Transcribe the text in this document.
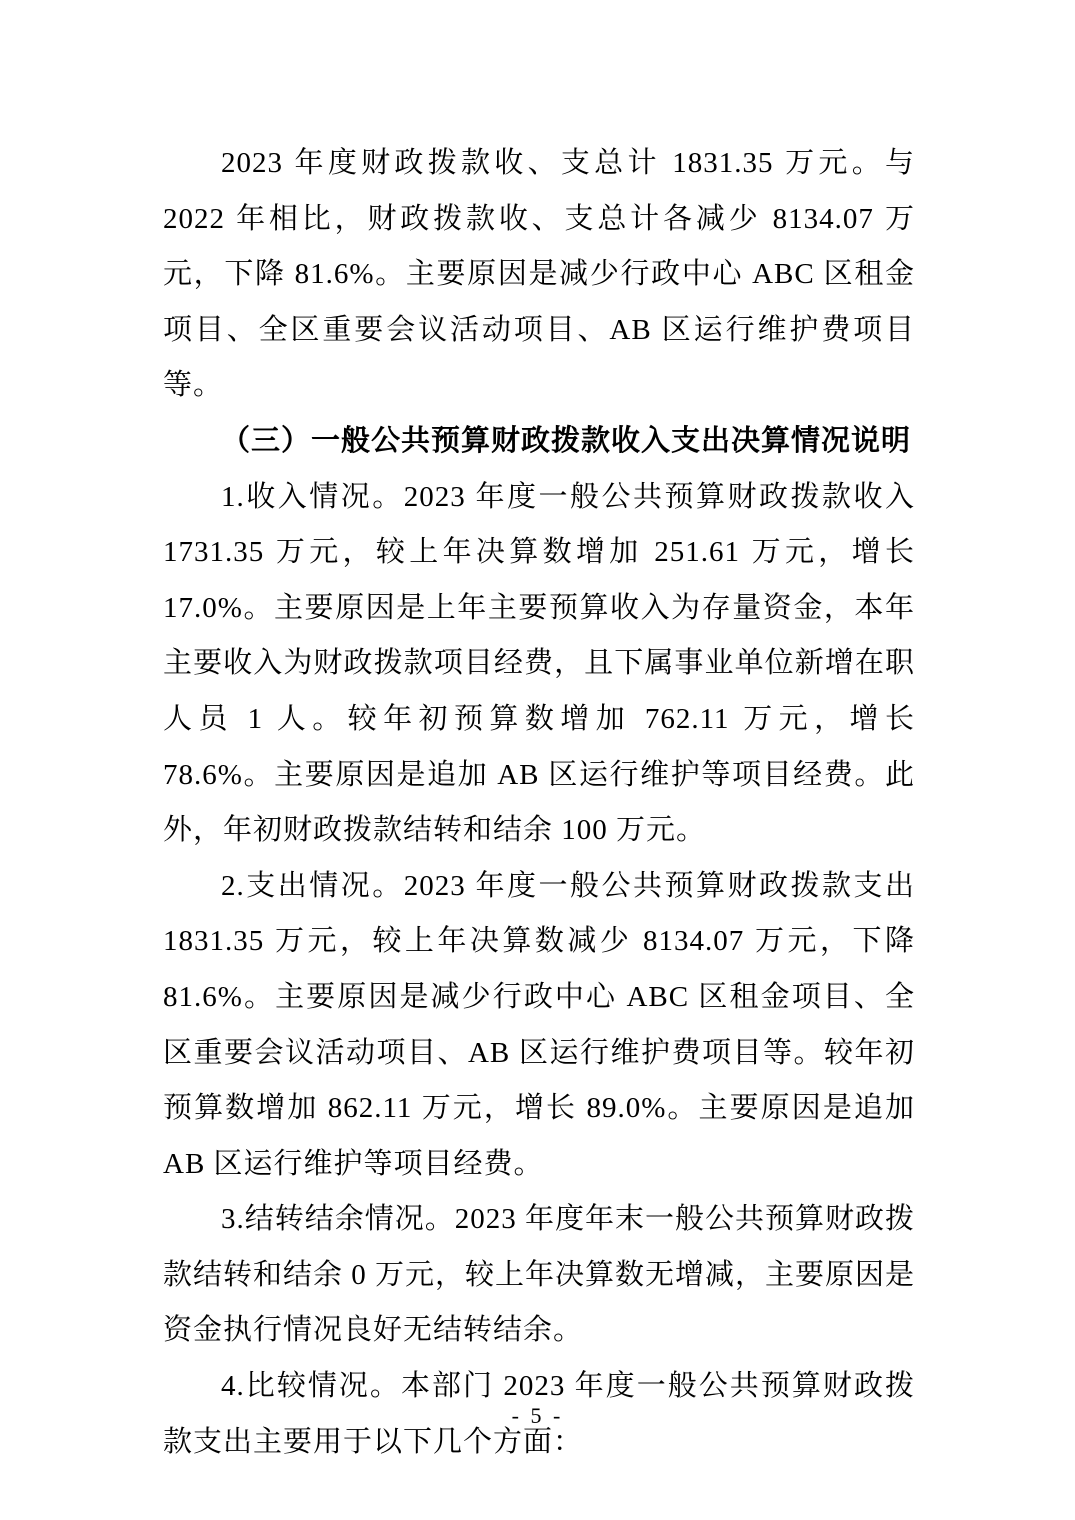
2023 年度财政拨款收、支总计 1831.35 万元。与 2022 年相比，财政拨款收、支总计各减少 8134.07 万元，下降 81.6%。主要原因是减少行政中心 ABC 区租金项目、全区重要会议活动项目、AB 区运行维护费项目等。

（三）一般公共预算财政拨款收入支出决算情况说明

1.收入情况。2023 年度一般公共预算财政拨款收入 1731.35 万元，较上年决算数增加 251.61 万元，增长 17.0%。主要原因是上年主要预算收入为存量资金，本年主要收入为财政拨款项目经费，且下属事业单位新增在职人员 1 人。较年初预算数增加 762.11 万元，增长 78.6%。主要原因是追加 AB 区运行维护等项目经费。此外，年初财政拨款结转和结余 100 万元。

2.支出情况。2023 年度一般公共预算财政拨款支出 1831.35 万元，较上年决算数减少 8134.07 万元，下降 81.6%。主要原因是减少行政中心 ABC 区租金项目、全区重要会议活动项目、AB 区运行维护费项目等。较年初预算数增加 862.11 万元，增长 89.0%。主要原因是追加 AB 区运行维护等项目经费。

3.结转结余情况。2023 年度年末一般公共预算财政拨款结转和结余 0 万元，较上年决算数无增减，主要原因是资金执行情况良好无结转结余。

4.比较情况。本部门 2023 年度一般公共预算财政拨款支出主要用于以下几个方面：

- 5 -
